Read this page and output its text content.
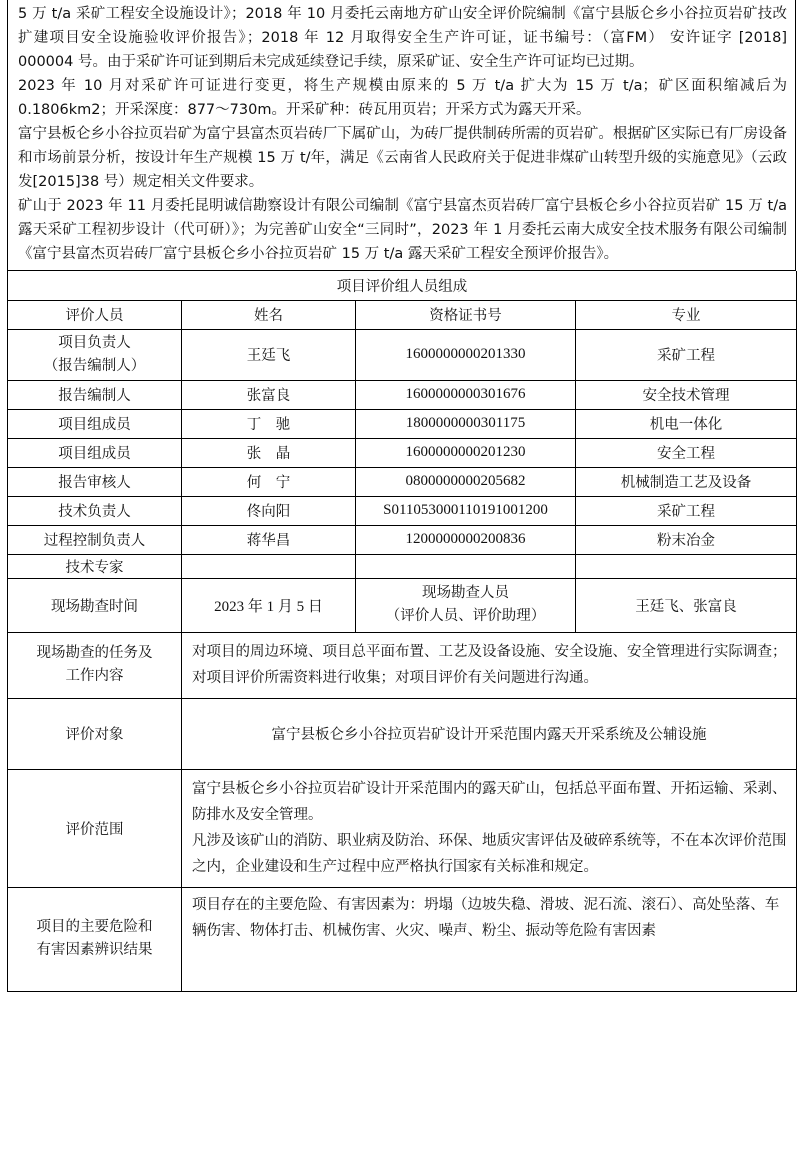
5 万 t/a 采矿工程安全设施设计》；2018 年 10 月委托云南地方矿山安全评价院编制《富宁县版仑乡小谷拉页岩矿技改扩建项目安全设施验收评价报告》；2018 年 12 月取得安全生产许可证，证书编号：（富FM） 安许证字 [2018] 000004 号。由于采矿许可证到期后未完成延续登记手续，原采矿证、安全生产许可证均已过期。

2023 年 10 月对采矿许可证进行变更，将生产规模由原来的 5 万 t/a 扩大为 15 万 t/a；矿区面积缩减后为 0.1806km2；开采深度：877～730m。开采矿种：砖瓦用页岩；开采方式为露天开采。

富宁县板仑乡小谷拉页岩矿为富宁县富杰页岩砖厂下属矿山，为砖厂提供制砖所需的页岩矿。根据矿区实际已有厂房设备和市场前景分析，按设计年生产规模 15 万 t/年，满足《云南省人民政府关于促进非煤矿山转型升级的实施意见》（云政发[2015]38 号）规定相关文件要求。

矿山于 2023 年 11 月委托昆明诚信勘察设计有限公司编制《富宁县富杰页岩砖厂富宁县板仑乡小谷拉页岩矿 15 万 t/a 露天采矿工程初步设计（代可研）》；为完善矿山安全“三同时”，2023 年 1 月委托云南大成安全技术服务有限公司编制《富宁县富杰页岩砖厂富宁县板仑乡小谷拉页岩矿 15 万 t/a 露天采矿工程安全预评价报告》。

项目评价组人员组成			
评价人员	姓名	资格证书号	专业

项目负责人
（报告编制人）	王廷飞	1600000000201330	采矿工程
报告编制人	张富良	1600000000301676	安全技术管理
项目组成员	丁　驰	1800000000301175	机电一体化
项目组成员	张　晶	1600000000201230	安全工程
报告审核人	何　宁	0800000000205682	机械制造工艺及设备
技术负责人	佟向阳	S011053000110191001200	采矿工程
过程控制负责人	蒋华昌	1200000000200836	粉末冶金
技术专家			
现场勘查时间	2023 年 1 月 5 日	现场勘查人员
（评价人员、评价助理）	王廷飞、张富良

现场勘查的任务及
工作内容	对项目的周边环境、项目总平面布置、工艺及设备设施、安全设施、安全管理进行实际调查；对项目评价所需资料进行收集；对项目评价有关问题进行沟通。		
评价对象	富宁县板仑乡小谷拉页岩矿设计开采范围内露天开采系统及公辅设施		
评价范围	富宁县板仑乡小谷拉页岩矿设计开采范围内的露天矿山，包括总平面布置、开拓运输、采剥、防排水及安全管理。

凡涉及该矿山的消防、职业病及防治、环保、地质灾害评估及破碎系统等，不在本次评价范围之内，企业建设和生产过程中应严格执行国家有关标准和规定。		

项目的主要危险和
有害因素辨识结果	项目存在的主要危险、有害因素为：坍塌（边坡失稳、滑坡、泥石流、滚石）、高处坠落、车辆伤害、物体打击、机械伤害、火灾、噪声、粉尘、振动等危险有害因素		
